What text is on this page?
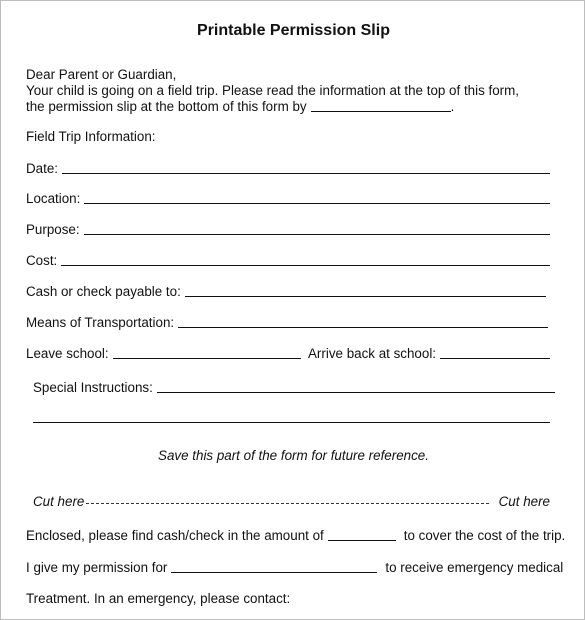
Printable Permission Slip
Dear Parent or Guardian,
Your child is going on a field trip. Please read the information at the top of this form,
the permission slip at the bottom of this form by	.
Field Trip Information:
Date:
Location:
Purpose:
Cost:
Cash or check payable to:
Means of Transportation:
Leave school:	Arrive back at school:
Special Instructions:
Save this part of the form for future reference.
Cut here	Cut here
Enclosed, please find cash/check in the amount of	to cover the cost of the trip.
I give my permission for	to receive emergency medical
Treatment. In an emergency, please contact:
